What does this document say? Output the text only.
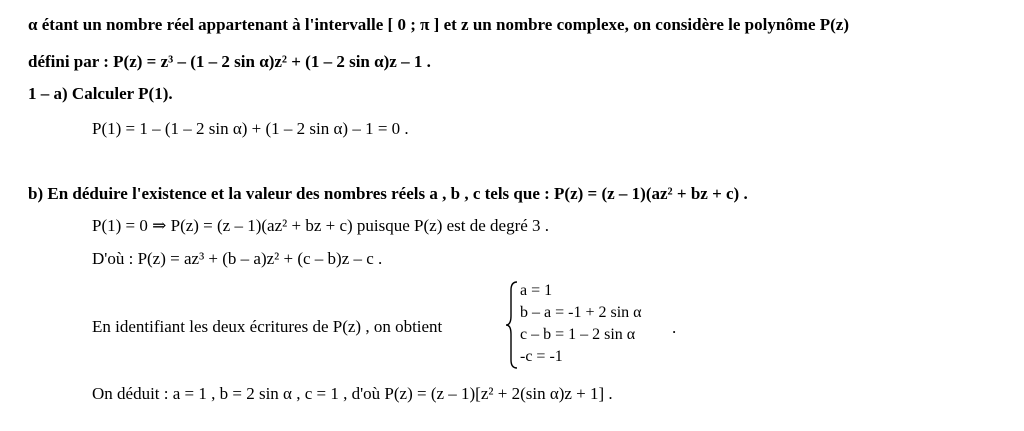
α étant un nombre réel appartenant à l'intervalle [ 0 ; π ] et z un nombre complexe, on considère le polynôme P(z)
défini par : P(z) = z³ – (1 – 2 sin α)z² + (1 – 2 sin α)z – 1 .
1 – a) Calculer P(1).
P(1) = 1 – (1 – 2 sin α) + (1 – 2 sin α) – 1 = 0 .
b) En déduire l'existence et la valeur des nombres réels a , b , c tels que : P(z) = (z – 1)(az² + bz + c) .
P(1) = 0 ⇒ P(z) = (z – 1)(az² + bz + c) puisque P(z) est de degré 3 .
D'où : P(z) = az³ + (b – a)z² + (c – b)z – c .
En identifiant les deux écritures de P(z) , on obtient
a = 1
b – a = -1 + 2 sin α
c – b = 1 – 2 sin α
-c = -1
.
On déduit : a = 1 , b = 2 sin α , c = 1 , d'où P(z) = (z – 1)[z² + 2(sin α)z + 1] .
